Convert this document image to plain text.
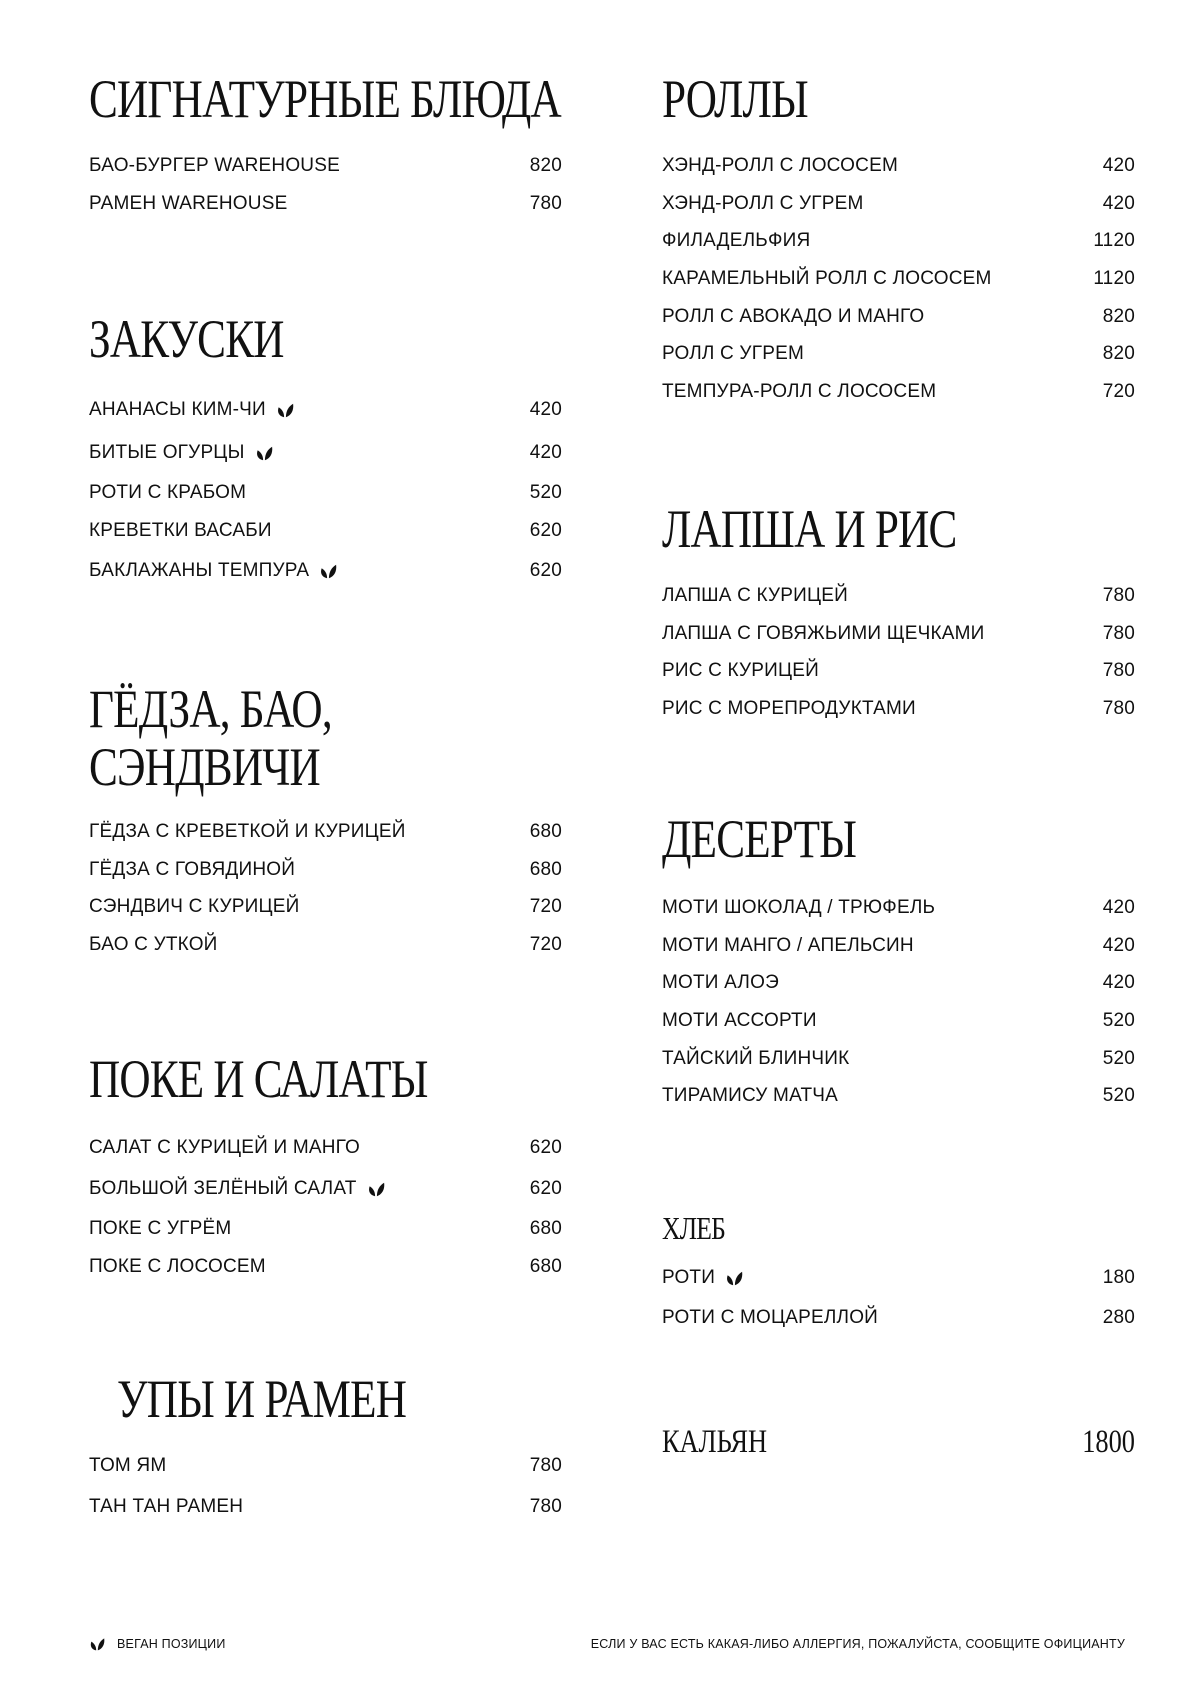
СИГНАТУРНЫЕ БЛЮДА
БАО-БУРГЕР WAREHOUSE	820
РАМЕН WAREHOUSE	780
ЗАКУСКИ
АНАНАСЫ КИМ-ЧИ	420
БИТЫЕ ОГУРЦЫ	420
РОТИ С КРАБОМ	520
КРЕВЕТКИ ВАСАБИ	620
БАКЛАЖАНЫ ТЕМПУРА	620
ГЁДЗА, БАО,
СЭНДВИЧИ
ГЁДЗА С КРЕВЕТКОЙ И КУРИЦЕЙ	680
ГЁДЗА С ГОВЯДИНОЙ	680
СЭНДВИЧ С КУРИЦЕЙ	720
БАО С УТКОЙ	720
ПОКЕ И САЛАТЫ
САЛАТ С КУРИЦЕЙ И МАНГО	620
БОЛЬШОЙ ЗЕЛЁНЫЙ САЛАТ	620
ПОКЕ С УГРЁМ	680
ПОКЕ С ЛОСОСЕМ	680
УПЫ И РАМЕН
ТОМ ЯМ	780
ТАН ТАН РАМЕН	780
РОЛЛЫ
ХЭНД-РОЛЛ С ЛОСОСЕМ	420
ХЭНД-РОЛЛ С УГРЕМ	420
ФИЛАДЕЛЬФИЯ	1120
КАРАМЕЛЬНЫЙ РОЛЛ С ЛОСОСЕМ	1120
РОЛЛ С АВОКАДО И МАНГО	820
РОЛЛ С УГРЕМ	820
ТЕМПУРА-РОЛЛ С ЛОСОСЕМ	720
ЛАПША И РИС
ЛАПША С КУРИЦЕЙ	780
ЛАПША С ГОВЯЖЬИМИ ЩЕЧКАМИ	780
РИС С КУРИЦЕЙ	780
РИС С МОРЕПРОДУКТАМИ	780
ДЕСЕРТЫ
МОТИ ШОКОЛАД / ТРЮФЕЛЬ	420
МОТИ МАНГО / АПЕЛЬСИН	420
МОТИ АЛОЭ	420
МОТИ АССОРТИ	520
ТАЙСКИЙ БЛИНЧИК	520
ТИРАМИСУ МАТЧА	520
ХЛЕБ
РОТИ	180
РОТИ С МОЦАРЕЛЛОЙ	280
КАЛЬЯН	1800
ВЕГАН ПОЗИЦИИ	ЕСЛИ У ВАС ЕСТЬ КАКАЯ-ЛИБО АЛЛЕРГИЯ, ПОЖАЛУЙСТА, СООБЩИТЕ ОФИЦИАНТУ
